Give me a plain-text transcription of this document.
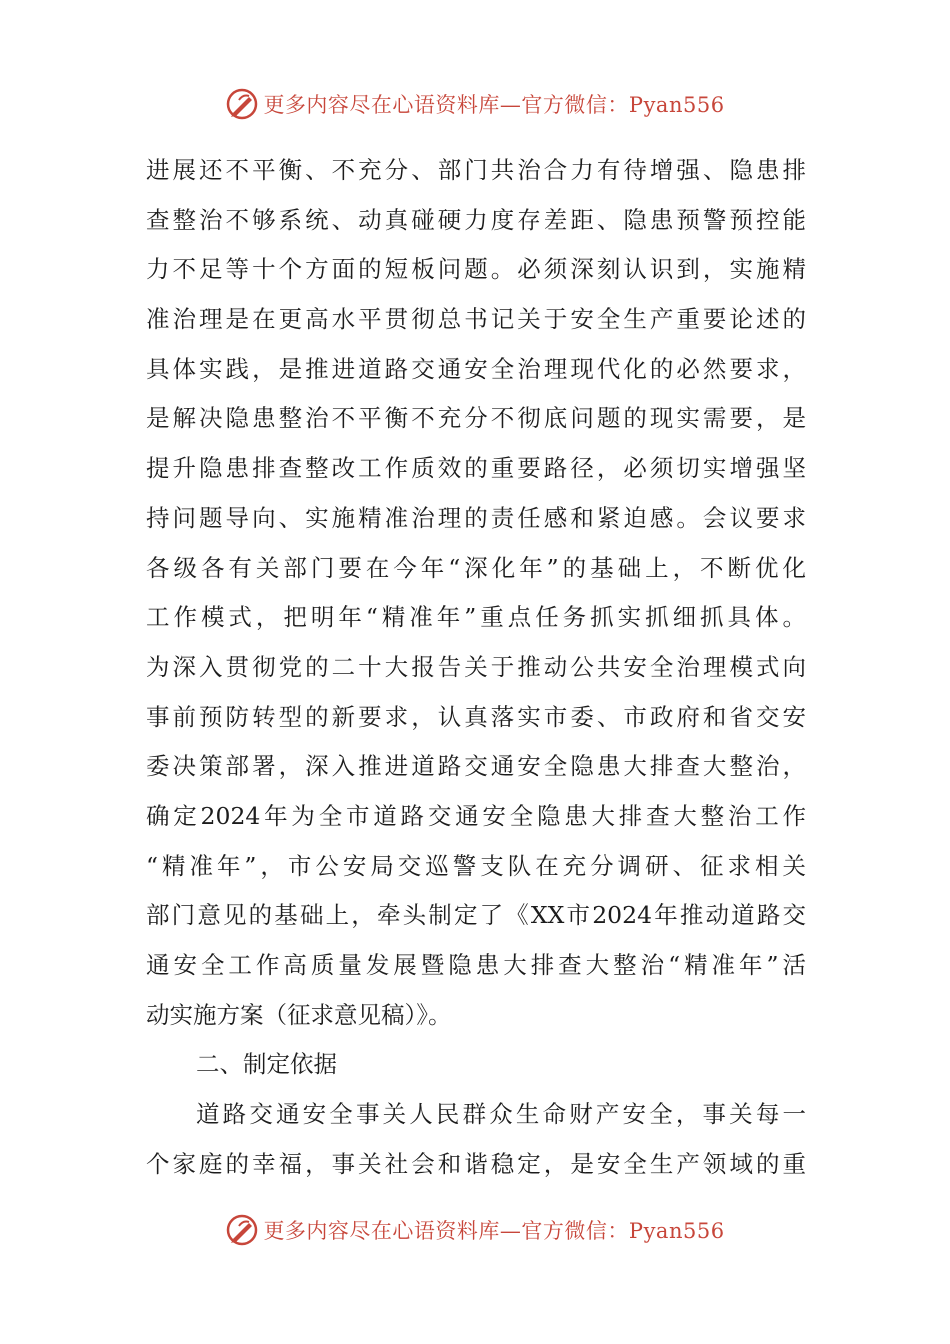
更多内容尽在心语资料库—官方微信：Pyan556
进展还不平衡、不充分、部门共治合力有待增强、隐患排
查整治不够系统、动真碰硬力度存差距、隐患预警预控能
力不足等十个方面的短板问题。必须深刻认识到，实施精
准治理是在更高水平贯彻总书记关于安全生产重要论述的
具体实践，是推进道路交通安全治理现代化的必然要求，
是解决隐患整治不平衡不充分不彻底问题的现实需要，是
提升隐患排查整改工作质效的重要路径，必须切实增强坚
持问题导向、实施精准治理的责任感和紧迫感。会议要求
各级各有关部门要在今年“深化年”的基础上，不断优化
工作模式，把明年“精准年”重点任务抓实抓细抓具体。
为深入贯彻党的二十大报告关于推动公共安全治理模式向
事前预防转型的新要求，认真落实市委、市政府和省交安
委决策部署，深入推进道路交通安全隐患大排查大整治，
确定2024年为全市道路交通安全隐患大排查大整治工作
“精准年”，市公安局交巡警支队在充分调研、征求相关
部门意见的基础上，牵头制定了《XX市2024年推动道路交
通安全工作高质量发展暨隐患大排查大整治“精准年”活
动实施方案（征求意见稿）》。
二、制定依据
道路交通安全事关人民群众生命财产安全，事关每一
个家庭的幸福，事关社会和谐稳定，是安全生产领域的重
更多内容尽在心语资料库—官方微信：Pyan556
